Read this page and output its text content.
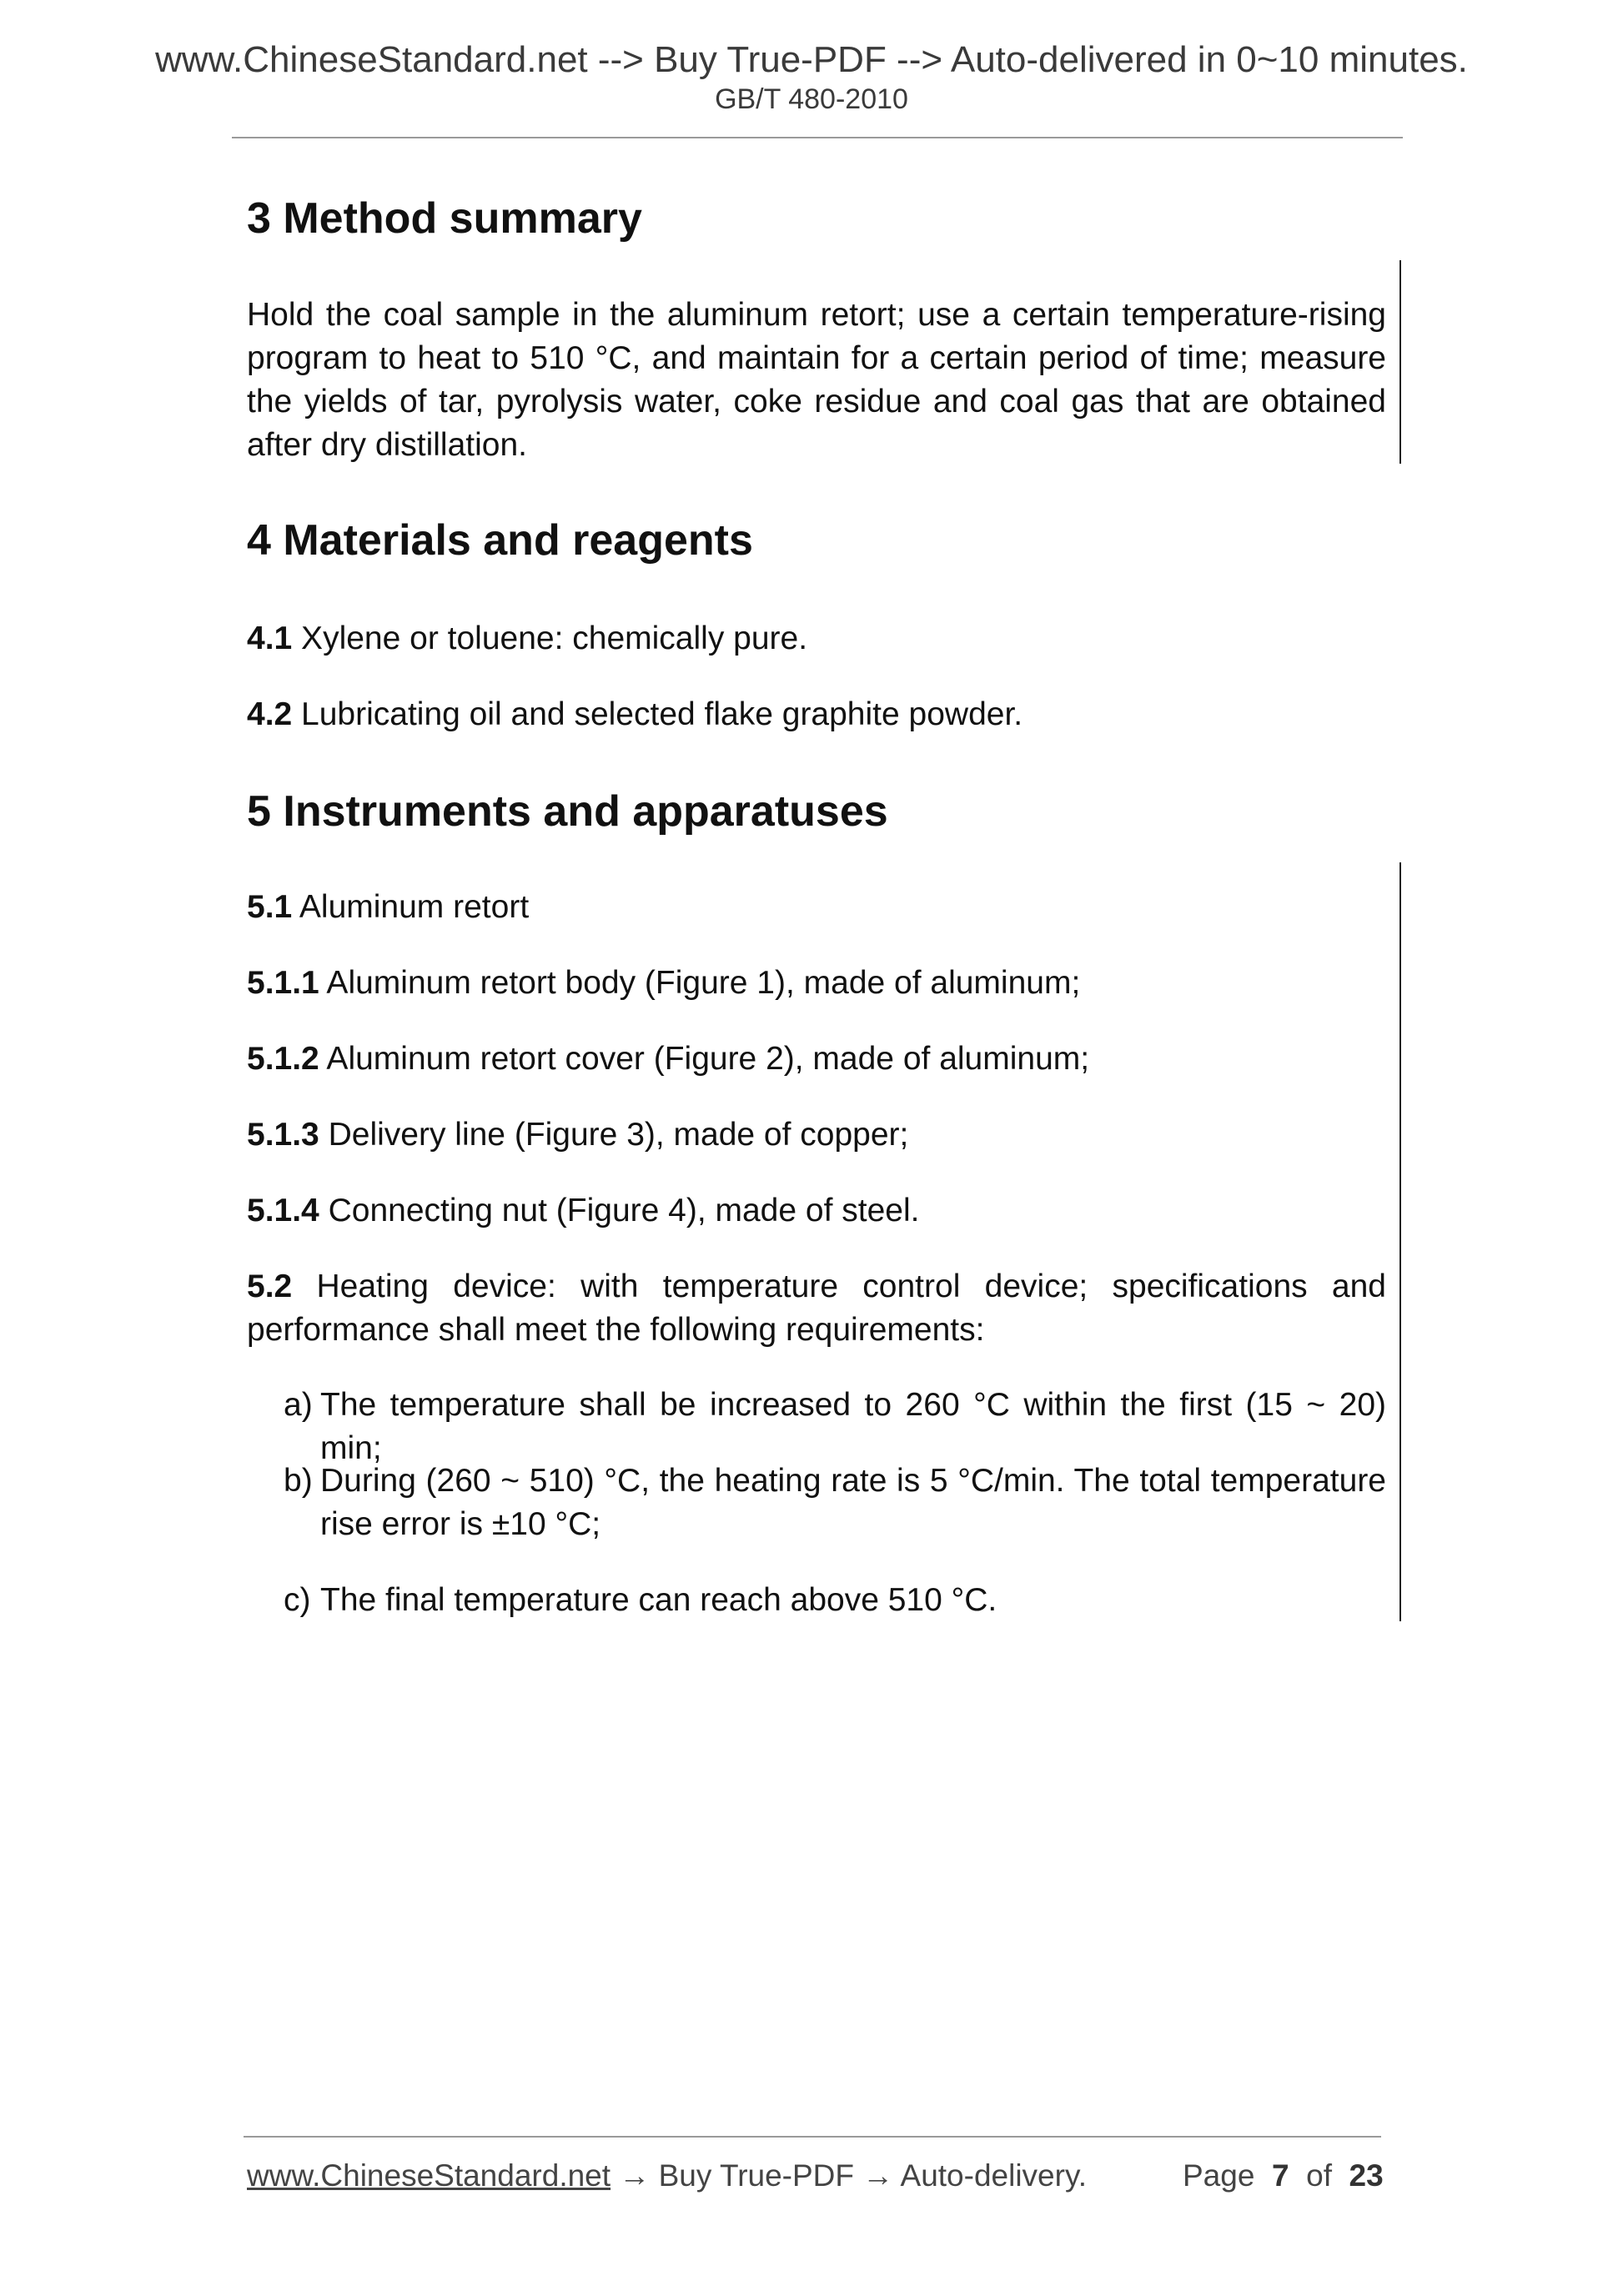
www.ChineseStandard.net --> Buy True-PDF --> Auto-delivered in 0~10 minutes.
GB/T 480-2010
3 Method summary

Hold the coal sample in the aluminum retort; use a certain temperature-rising program to heat to 510 °C, and maintain for a certain period of time; measure the yields of tar, pyrolysis water, coke residue and coal gas that are obtained after dry distillation.

4 Materials and reagents

4.1 Xylene or toluene: chemically pure.

4.2 Lubricating oil and selected flake graphite powder.

5 Instruments and apparatuses

5.1 Aluminum retort

5.1.1 Aluminum retort body (Figure 1), made of aluminum;

5.1.2 Aluminum retort cover (Figure 2), made of aluminum;

5.1.3 Delivery line (Figure 3), made of copper;

5.1.4 Connecting nut (Figure 4), made of steel.

5.2 Heating device: with temperature control device; specifications and performance shall meet the following requirements:

a) The temperature shall be increased to 260 °C within the first (15 ~ 20) min;
b) During (260 ~ 510) °C, the heating rate is 5 °C/min. The total temperature rise error is ±10 °C;
c) The final temperature can reach above 510 °C.
www.ChineseStandard.net → Buy True-PDF → Auto-delivery.	Page 7 of 23
